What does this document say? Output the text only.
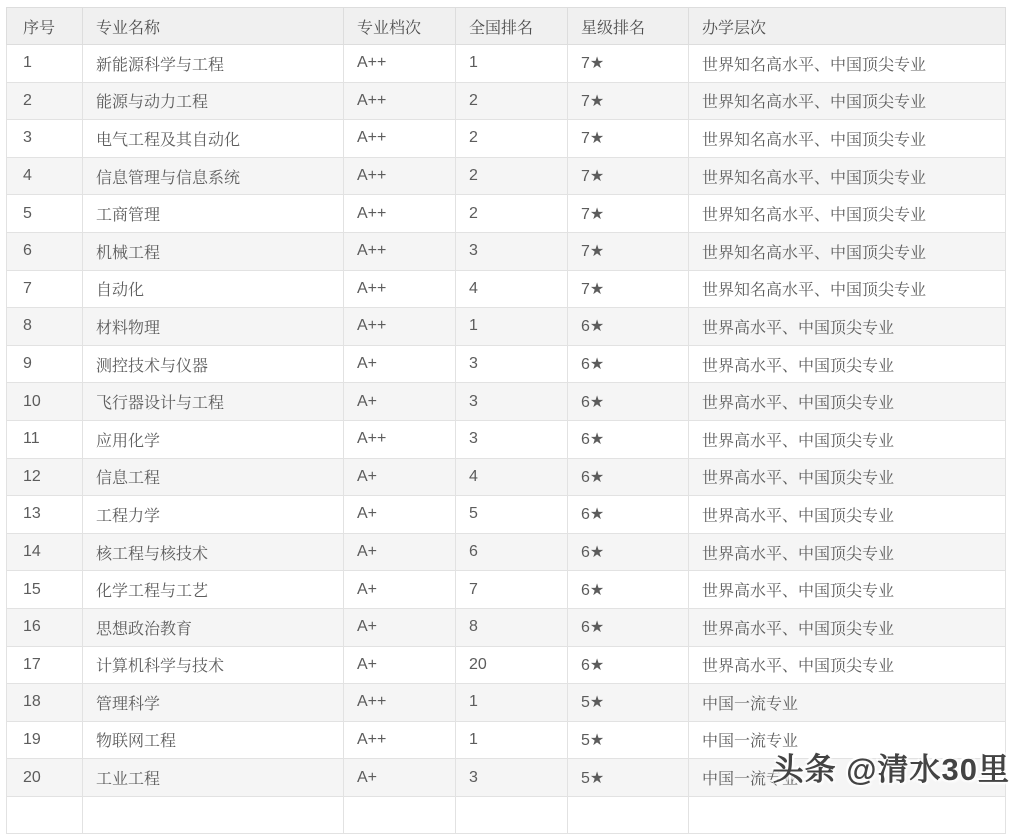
序号	专业名称	专业档次	全国排名	星级排名	办学层次
1	新能源科学与工程	A++	1	7★	世界知名高水平、中国顶尖专业
2	能源与动力工程	A++	2	7★	世界知名高水平、中国顶尖专业
3	电气工程及其自动化	A++	2	7★	世界知名高水平、中国顶尖专业
4	信息管理与信息系统	A++	2	7★	世界知名高水平、中国顶尖专业
5	工商管理	A++	2	7★	世界知名高水平、中国顶尖专业
6	机械工程	A++	3	7★	世界知名高水平、中国顶尖专业
7	自动化	A++	4	7★	世界知名高水平、中国顶尖专业
8	材料物理	A++	1	6★	世界高水平、中国顶尖专业
9	测控技术与仪器	A+	3	6★	世界高水平、中国顶尖专业
10	飞行器设计与工程	A+	3	6★	世界高水平、中国顶尖专业
11	应用化学	A++	3	6★	世界高水平、中国顶尖专业
12	信息工程	A+	4	6★	世界高水平、中国顶尖专业
13	工程力学	A+	5	6★	世界高水平、中国顶尖专业
14	核工程与核技术	A+	6	6★	世界高水平、中国顶尖专业
15	化学工程与工艺	A+	7	6★	世界高水平、中国顶尖专业
16	思想政治教育	A+	8	6★	世界高水平、中国顶尖专业
17	计算机科学与技术	A+	20	6★	世界高水平、中国顶尖专业
18	管理科学	A++	1	5★	中国一流专业
19	物联网工程	A++	1	5★	中国一流专业
20	工业工程	A+	3	5★	中国一流专业

头条 @清水30里
